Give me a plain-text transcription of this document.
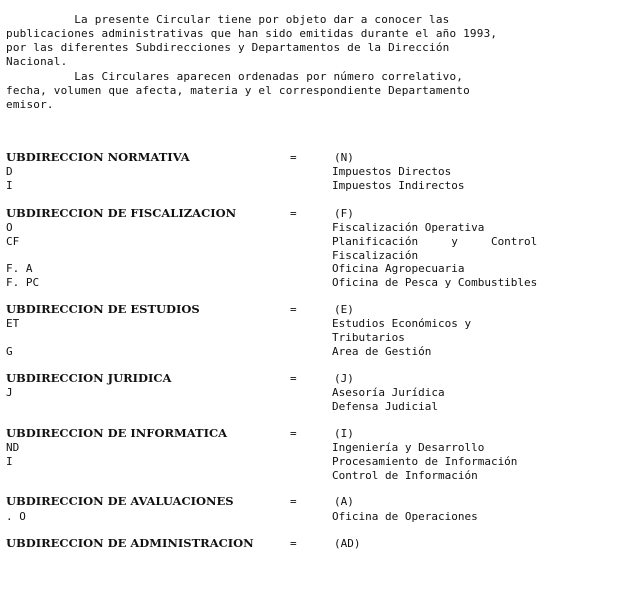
La presente Circular tiene por objeto dar a conocer las
publicaciones administrativas que han sido emitidas durante el año 1993,
por las diferentes Subdirecciones y Departamentos de la Dirección
Nacional.
Las Circulares aparecen ordenadas por número correlativo,
fecha, volumen que afecta, materia y el correspondiente Departamento
emisor.
UBDIRECCION NORMATIVA	=	(N)
D	Impuestos Directos
I	Impuestos Indirectos
UBDIRECCION DE FISCALIZACION	=	(F)
O	Fiscalización Operativa
CF	Planificación     y     Control
Fiscalización
F. A	Oficina Agropecuaria
F. PC	Oficina de Pesca y Combustibles
UBDIRECCION DE ESTUDIOS	=	(E)
ET	Estudios Económicos y
Tributarios
G	Area de Gestión
UBDIRECCION JURIDICA	=	(J)
J	Asesoría Jurídica
Defensa Judicial
UBDIRECCION DE INFORMATICA	=	(I)
ND	Ingeniería y Desarrollo
I	Procesamiento de Información
Control de Información
UBDIRECCION DE AVALUACIONES	=	(A)
. O	Oficina de Operaciones
UBDIRECCION DE ADMINISTRACION	=	(AD)
